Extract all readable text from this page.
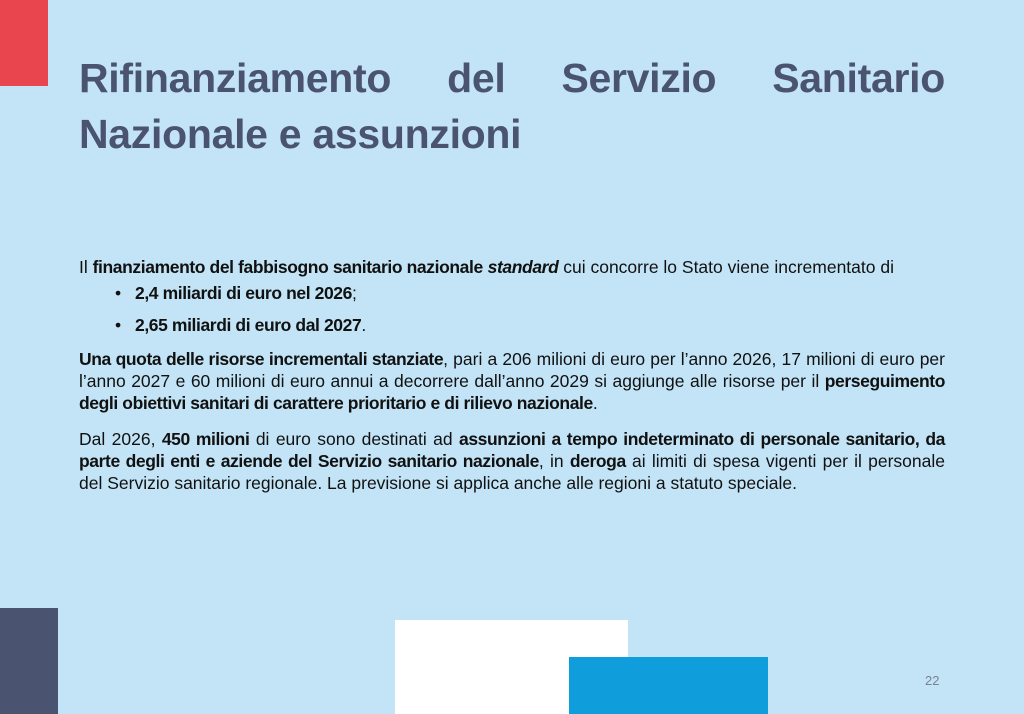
Rifinanziamento del Servizio Sanitario Nazionale e assunzioni

Il finanziamento del fabbisogno sanitario nazionale standard cui concorre lo Stato viene incrementato di

• 2,4 miliardi di euro nel 2026;
• 2,65 miliardi di euro dal 2027.

Una quota delle risorse incrementali stanziate, pari a 206 milioni di euro per l’anno 2026, 17 milioni di euro per l’anno 2027 e 60 milioni di euro annui a decorrere dall’anno 2029 si aggiunge alle risorse per il perseguimento degli obiettivi sanitari di carattere prioritario e di rilievo nazionale.

Dal 2026, 450 milioni di euro sono destinati ad assunzioni a tempo indeterminato di personale sanitario, da parte degli enti e aziende del Servizio sanitario nazionale, in deroga ai limiti di spesa vigenti per il personale del Servizio sanitario regionale. La previsione si applica anche alle regioni a statuto speciale.

22
